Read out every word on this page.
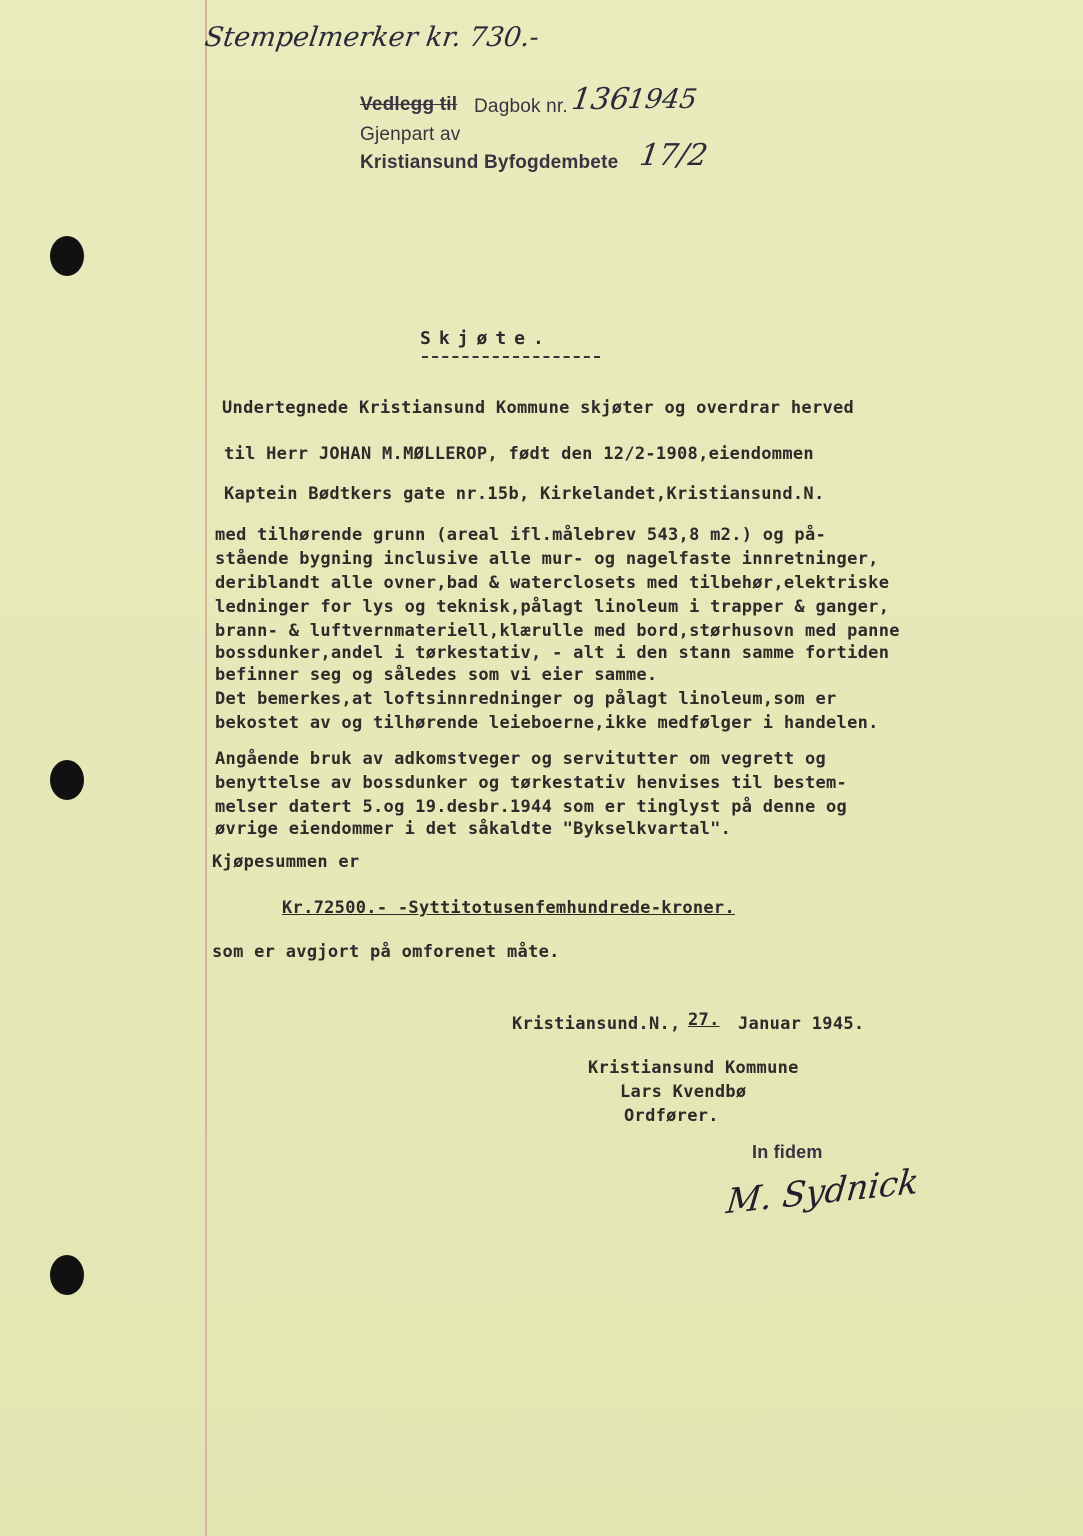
Stempelmerker kr. 730.-
Vedlegg til Dagbok nr. 136
1945
Gjenpart av
Kristiansund Byfogdembete 17/2
Skjøte.
Undertegnede Kristiansund Kommune skjøter og overdrar herved
til Herr JOHAN M.MØLLEROP, født den 12/2-1908,eiendommen
Kaptein Bødtkers gate nr.15b, Kirkelandet,Kristiansund.N.
med tilhørende grunn (areal ifl.målebrev 543,8 m2.) og på-
stående bygning inclusive alle mur- og nagelfaste innretninger,
deriblandt alle ovner,bad & waterclosets med tilbehør,elektriske
ledninger for lys og teknisk,pålagt linoleum i trapper & ganger,
brann- & luftvernmateriell,klærulle med bord,størhusovn med panne
bossdunker,andel i tørkestativ, - alt i den stann samme fortiden
befinner seg og således som vi eier samme.
Det bemerkes,at loftsinnredninger og pålagt linoleum,som er
bekostet av og tilhørende leieboerne,ikke medfølger i handelen.
Angående bruk av adkomstveger og servitutter om vegrett og
benyttelse av bossdunker og tørkestativ henvises til bestem-
melser datert 5.og 19.desbr.1944 som er tinglyst på denne og
øvrige eiendommer i det såkaldte "Bykselkvartal".
Kjøpesummen er
Kr.72500.- -Syttitotusenfemhundrede-kroner.
som er avgjort på omforenet måte.
Kristiansund.N., 27. Januar 1945.
Kristiansund Kommune
Lars Kvendbø
Ordfører.
In fidem
M. Sydnick
